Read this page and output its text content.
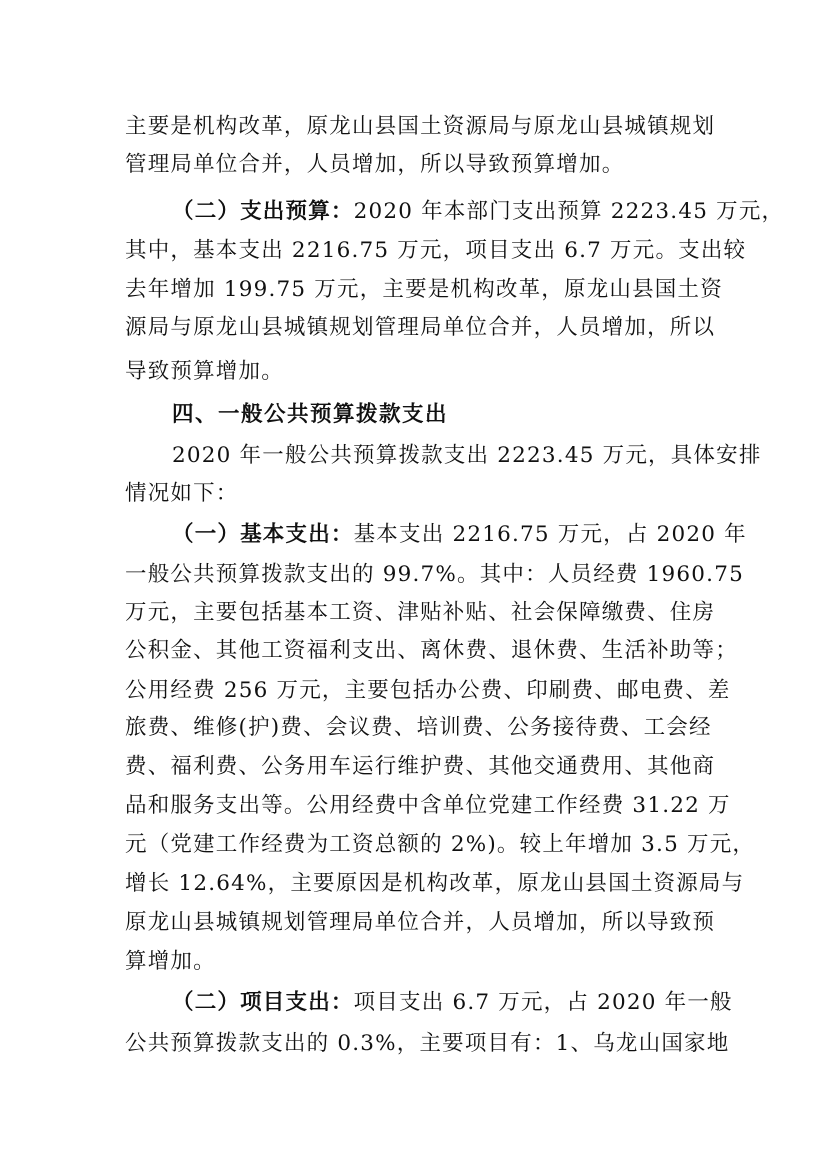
主要是机构改革，原龙山县国土资源局与原龙山县城镇规划
管理局单位合并，人员增加，所以导致预算增加。
（二）支出预算：2020 年本部门支出预算 2223.45 万元，
其中，基本支出 2216.75 万元，项目支出 6.7 万元。支出较
去年增加 199.75 万元，主要是机构改革，原龙山县国土资
源局与原龙山县城镇规划管理局单位合并，人员增加，所以
导致预算增加。
四、一般公共预算拨款支出
2020 年一般公共预算拨款支出 2223.45 万元，具体安排
情况如下：
（一）基本支出：基本支出 2216.75 万元，占 2020 年
一般公共预算拨款支出的 99.7%。其中：人员经费 1960.75
万元，主要包括基本工资、津贴补贴、社会保障缴费、住房
公积金、其他工资福利支出、离休费、退休费、生活补助等；
公用经费 256 万元，主要包括办公费、印刷费、邮电费、差
旅费、维修(护)费、会议费、培训费、公务接待费、工会经
费、福利费、公务用车运行维护费、其他交通费用、其他商
品和服务支出等。公用经费中含单位党建工作经费 31.22 万
元（党建工作经费为工资总额的 2%)。较上年增加 3.5 万元，
增长 12.64%，主要原因是机构改革，原龙山县国土资源局与
原龙山县城镇规划管理局单位合并，人员增加，所以导致预
算增加。
（二）项目支出：项目支出 6.7 万元，占 2020 年一般
公共预算拨款支出的 0.3%，主要项目有：1、乌龙山国家地
